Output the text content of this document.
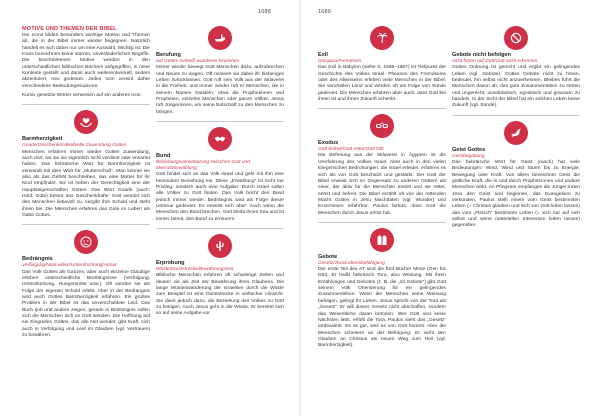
1688	1689
MOTIVE UND THEMEN DER BIBEL
Die Icons bilden besonders wichtige Motive und Themen ab, die in der Bibel immer wieder begegnen. Natürlich handelt es sich dabei nur um eine Auswahl. Wichtig ist: Die Icons bezeichnen keine starren, unveränderlichen Begriffe. Die beschriebenen Motive werden in den unterschiedlichen biblischen Büchern aufgegriffen, in neue Kontexte gestellt und damit auch weiterentwickelt, anders akzentuiert, neu gedeutet. Jedes Icon vereint daher verschiedene Bedeutungsnuancen.
Kursiv gesetzte Wörter verweisen auf ein anderes Icon.
Barmherzigkeit
Gnade/Geschenk/mitleidvolle Zuwendung Gottes
Menschen erfahren immer wieder Gottes Zuwendung, auch dort, wo sie sie eigentlich nicht verdient oder erwartet haben. Das hebräische Wort für Barmherzigkeit ist verwandt mit dem Wort für „Mutterschoß“. Man könnte sie also als das Gefühl beschreiben, das eine Mutter für ihr Kind empfindet. Sie ist neben der Gerechtigkeit eine der Hauptseigenschaften Gottes. Das Wort Gnade (auch: Huld, Güte) betont das Geschenkhafte: Gott wendet sich den Menschen liebevoll zu, vergibt ihre Schuld und steht ihnen bei. Die Menschen erfahren das Gute im Leben als Gabe Gottes.
Bedrängnis
Verfolgung/Not/Leiden/Unterdrückung/Armut
Das Volk Gottes als Ganzes, aber auch einzelne Gläubige erleben unterschiedliche Bedrängnisse (Verfolgung, Unterdrückung, Hungersnöte usw.). Oft werden sie als Folge der eigenen Schuld erlebt. Aber in der Bedrängnis wird auch Gottes Barmherzigkeit erfahren. Ein großes Problem in der Bibel ist das unverschuldete Leid. Das Buch Ijob und andere zeigen, gerade in Bedrängnis sollen sich die Menschen sich an Gott wenden. Die Hoffnung auf ein Eingreifen Gottes, das alle Not wendet, gibt Kraft, sich auch in Verfolgung und Leid im Glauben (vgl. Vertrauen) zu bewähren.
Berufung
auf Gottes Geheiß wunderes hinziehen
Immer wieder bewegt Gott Menschen dazu, aufzubrechen und Neues zu wagen. Oft müssen sie dabei ihr bisheriges Leben zurücklassen. Gott ruft sein Volk aus der Sklaverei in die Freiheit, und immer wieder ruft er Menschen, die in seinem Namen handeln, etwa die Prophetinnen und Propheten, einzelne Menschen oder ganze Völker. Jesus ruft Jüngerinnen, um seine Botschaft zu den Menschen zu bringen.
Bund
Beziehungsvereinbarung zwischen Gott und Mensch/Erwählung
Gott bindet sich an das Volk Israel und geht mit ihm eine besondere Beziehung ein. Diese „Erwählung“ ist nicht nur Privileg, sondern auch eine Aufgabe: Durch Israel sollen alle Völker zu Gott finden. Das Volk bricht den Bund jedoch immer wieder. Bedrängnis wird als Folge dieser Untreue gedeutet. Es erweist sich aber: Auch wenn die Menschen den Bund brechen, Gott bleibt ihnen treu und ist immer bereit, den Bund zu erneuern.
Erprobung
Wüste/Durststrecke/Bewährungszeit
Biblische Menschen erfahren oft schwierige Zeiten und deuten sie als Zeit der Bewährung ihres Glaubens. Die lange Wüstenwanderung der Israeliten durch die Wüste zum Beispiel ist eine Durststrecke in vielfacher Hinsicht. Sie dient jedoch dazu, die Beziehung des Volkes zu Gott zu festigen. Auch Jesus geht in die Wüste. Er bereitet sich so auf seine Aufgabe vor.
Exil
Diaspora/Fremdsein
Das Exil in Babylon (siehe S. 1666–1667) ist Tiefpunkt der Geschichte des Volkes Israel. Pheasen des Fremdseins oder des Alleinseins erleben viele Menschen in der Bibel. Sie verurteilen Land und werden oft als Folge von Sünde gedeutet. Die Menschen erfahren aber auch, dass Gott bei ihnen ist und ihnen Zukunft schenkt.
Exodus
Gott befreit/Gott rettet/Gott hilft
Die Befreiung aus der Sklaverei in Ägypten ist die Urerfahrung des Volkes Israel. Aber auch in den vielen kriegerischen Bedrohungen, die Israel erleidet, erfahren es sich als von Gott beschützt und gestärkt. Der Gott der Bibel erweist sich im Gegensatz zu anderen Göttern als einer, der aktiv für die Menschen eintritt und sie rettet, erlöst und befreit. Die Bibel erzählt oft von der rettenden Macht Gottes in Jesu Machttaten (vgl. Wunder) und Exorzismen erfahrbar. Paulus betont, dass Gott die Menschen durch Jesus erlöst hat.
Gebote
Gesetz/Tora/Lebensbefähigung
Der erste Teil des AT sind die fünf Bücher Mose (Gen bis Dtn). Er heißt hebräisch Tora, also Weisung. Mit ihren Erzählungen und Geboten (z. B. die „10 Gebote“) gibt Gott seinem Volk Orientierung für ein gelingendes Zusammenleben. Wenn die Menschen seine Weisung befolgen, gelingt ihr Leben. Jesus spricht von der Tora als „Gesetz“. Er will dieses Gesetz nicht abschaffen, sondern das Wesentliche daran betonen: Wer Gott und seine Nächsten liebt, erfüllt die Tora. Paulus sieht das „Gesetz“ ambivalent. Es ist gut, weil es von Gott kommt. Aber die Menschen scheitern an der Befolgung. Er sieht den Glauben an Christus als neuen Weg zum Heil (vgl. Barmherzigkeit).
Gebote nicht befolgen
nicht hören auf Gott/Gott nicht erkennen
Gottes Ordnung ist gerecht und ergibt ein gelingendes Leben (vgl. Gebote). Gottes Gebote nicht zu hören, bedeutet, ihn selbst nicht anzuerkennen. Bleibes führt die Menschen davon ab, das gute Zusammenleben zu stören und ungerecht, unsolidarisch, egoistisch und grausam zu handeln. In der Sicht der Bibel hat ein solches Leben keine Zukunft (vgl. Sünde).
Geist Gottes
Geistbegabung
Das hebräische Wort für Geist (ruach) hat viele Bedeutungen: Wind, Wind und Sturm bis zu Energie, Bewegung oder Kraft. Von allem bezeichnet Geist die göttliche Kraft, die in und durch Prophet:innen und andere Menschen wirkt. An Pfingsten empfangen die Jünger:innen Jesu den Geist und beginnen, das Evangelium zu verkünden. Paulus stellt einem vom Geist bestimmten Leben (= Christus glauben und sich von Gott leiten lassen) das vom „Fleisch“ bestimmte Leben (= sich nur auf sich selbst und seine materiellen Interessen leiten lassen) gegenüber.
